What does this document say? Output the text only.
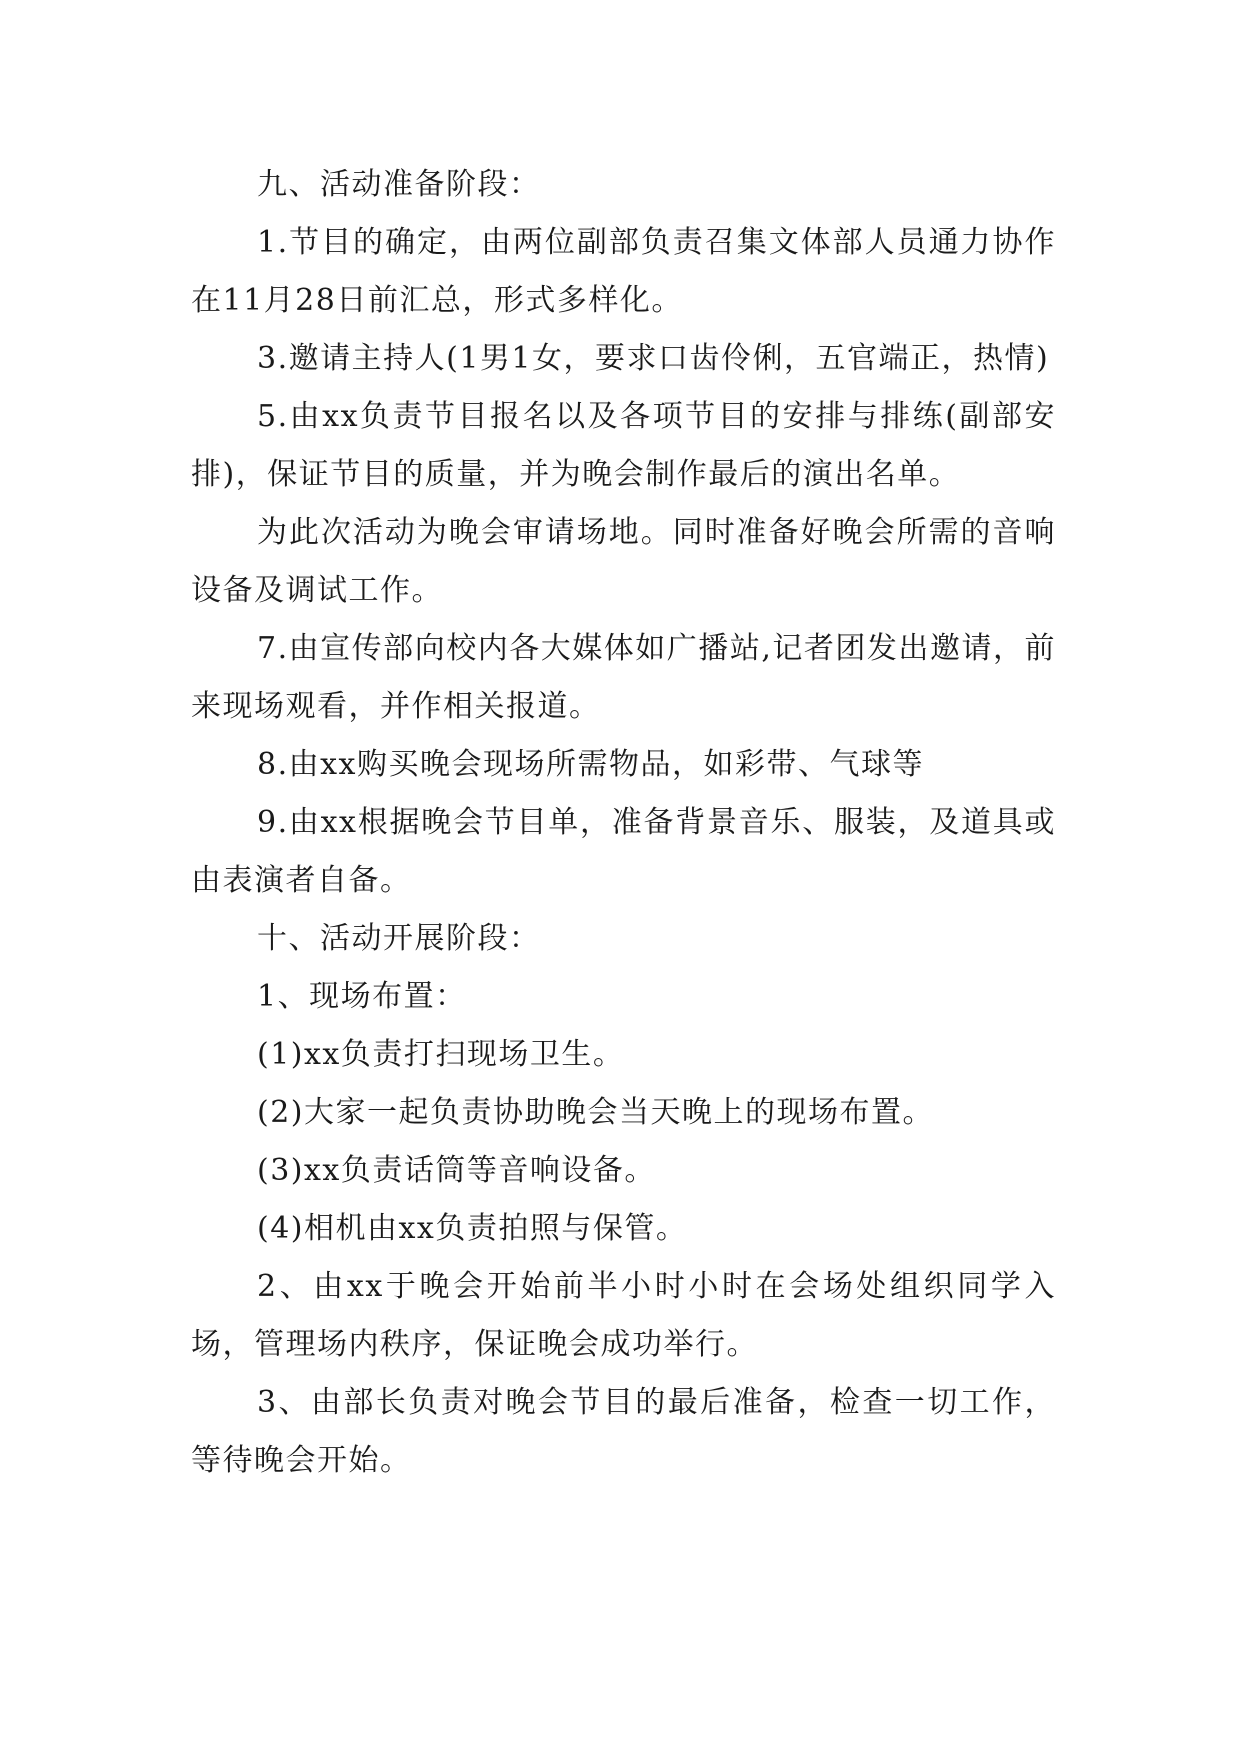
九、活动准备阶段：

1.节目的确定，由两位副部负责召集文体部人员通力协作在11月28日前汇总，形式多样化。

3.邀请主持人(1男1女，要求口齿伶俐，五官端正，热情)

5.由xx负责节目报名以及各项节目的安排与排练(副部安排)，保证节目的质量，并为晚会制作最后的演出名单。

为此次活动为晚会审请场地。同时准备好晚会所需的音响设备及调试工作。

7.由宣传部向校内各大媒体如广播站,记者团发出邀请，前来现场观看，并作相关报道。

8.由xx购买晚会现场所需物品，如彩带、气球等

9.由xx根据晚会节目单，准备背景音乐、服装，及道具或由表演者自备。

十、活动开展阶段：

1、现场布置：

(1)xx负责打扫现场卫生。

(2)大家一起负责协助晚会当天晚上的现场布置。

(3)xx负责话筒等音响设备。

(4)相机由xx负责拍照与保管。

2、由xx于晚会开始前半小时小时在会场处组织同学入场，管理场内秩序，保证晚会成功举行。

3、由部长负责对晚会节目的最后准备，检查一切工作，等待晚会开始。
